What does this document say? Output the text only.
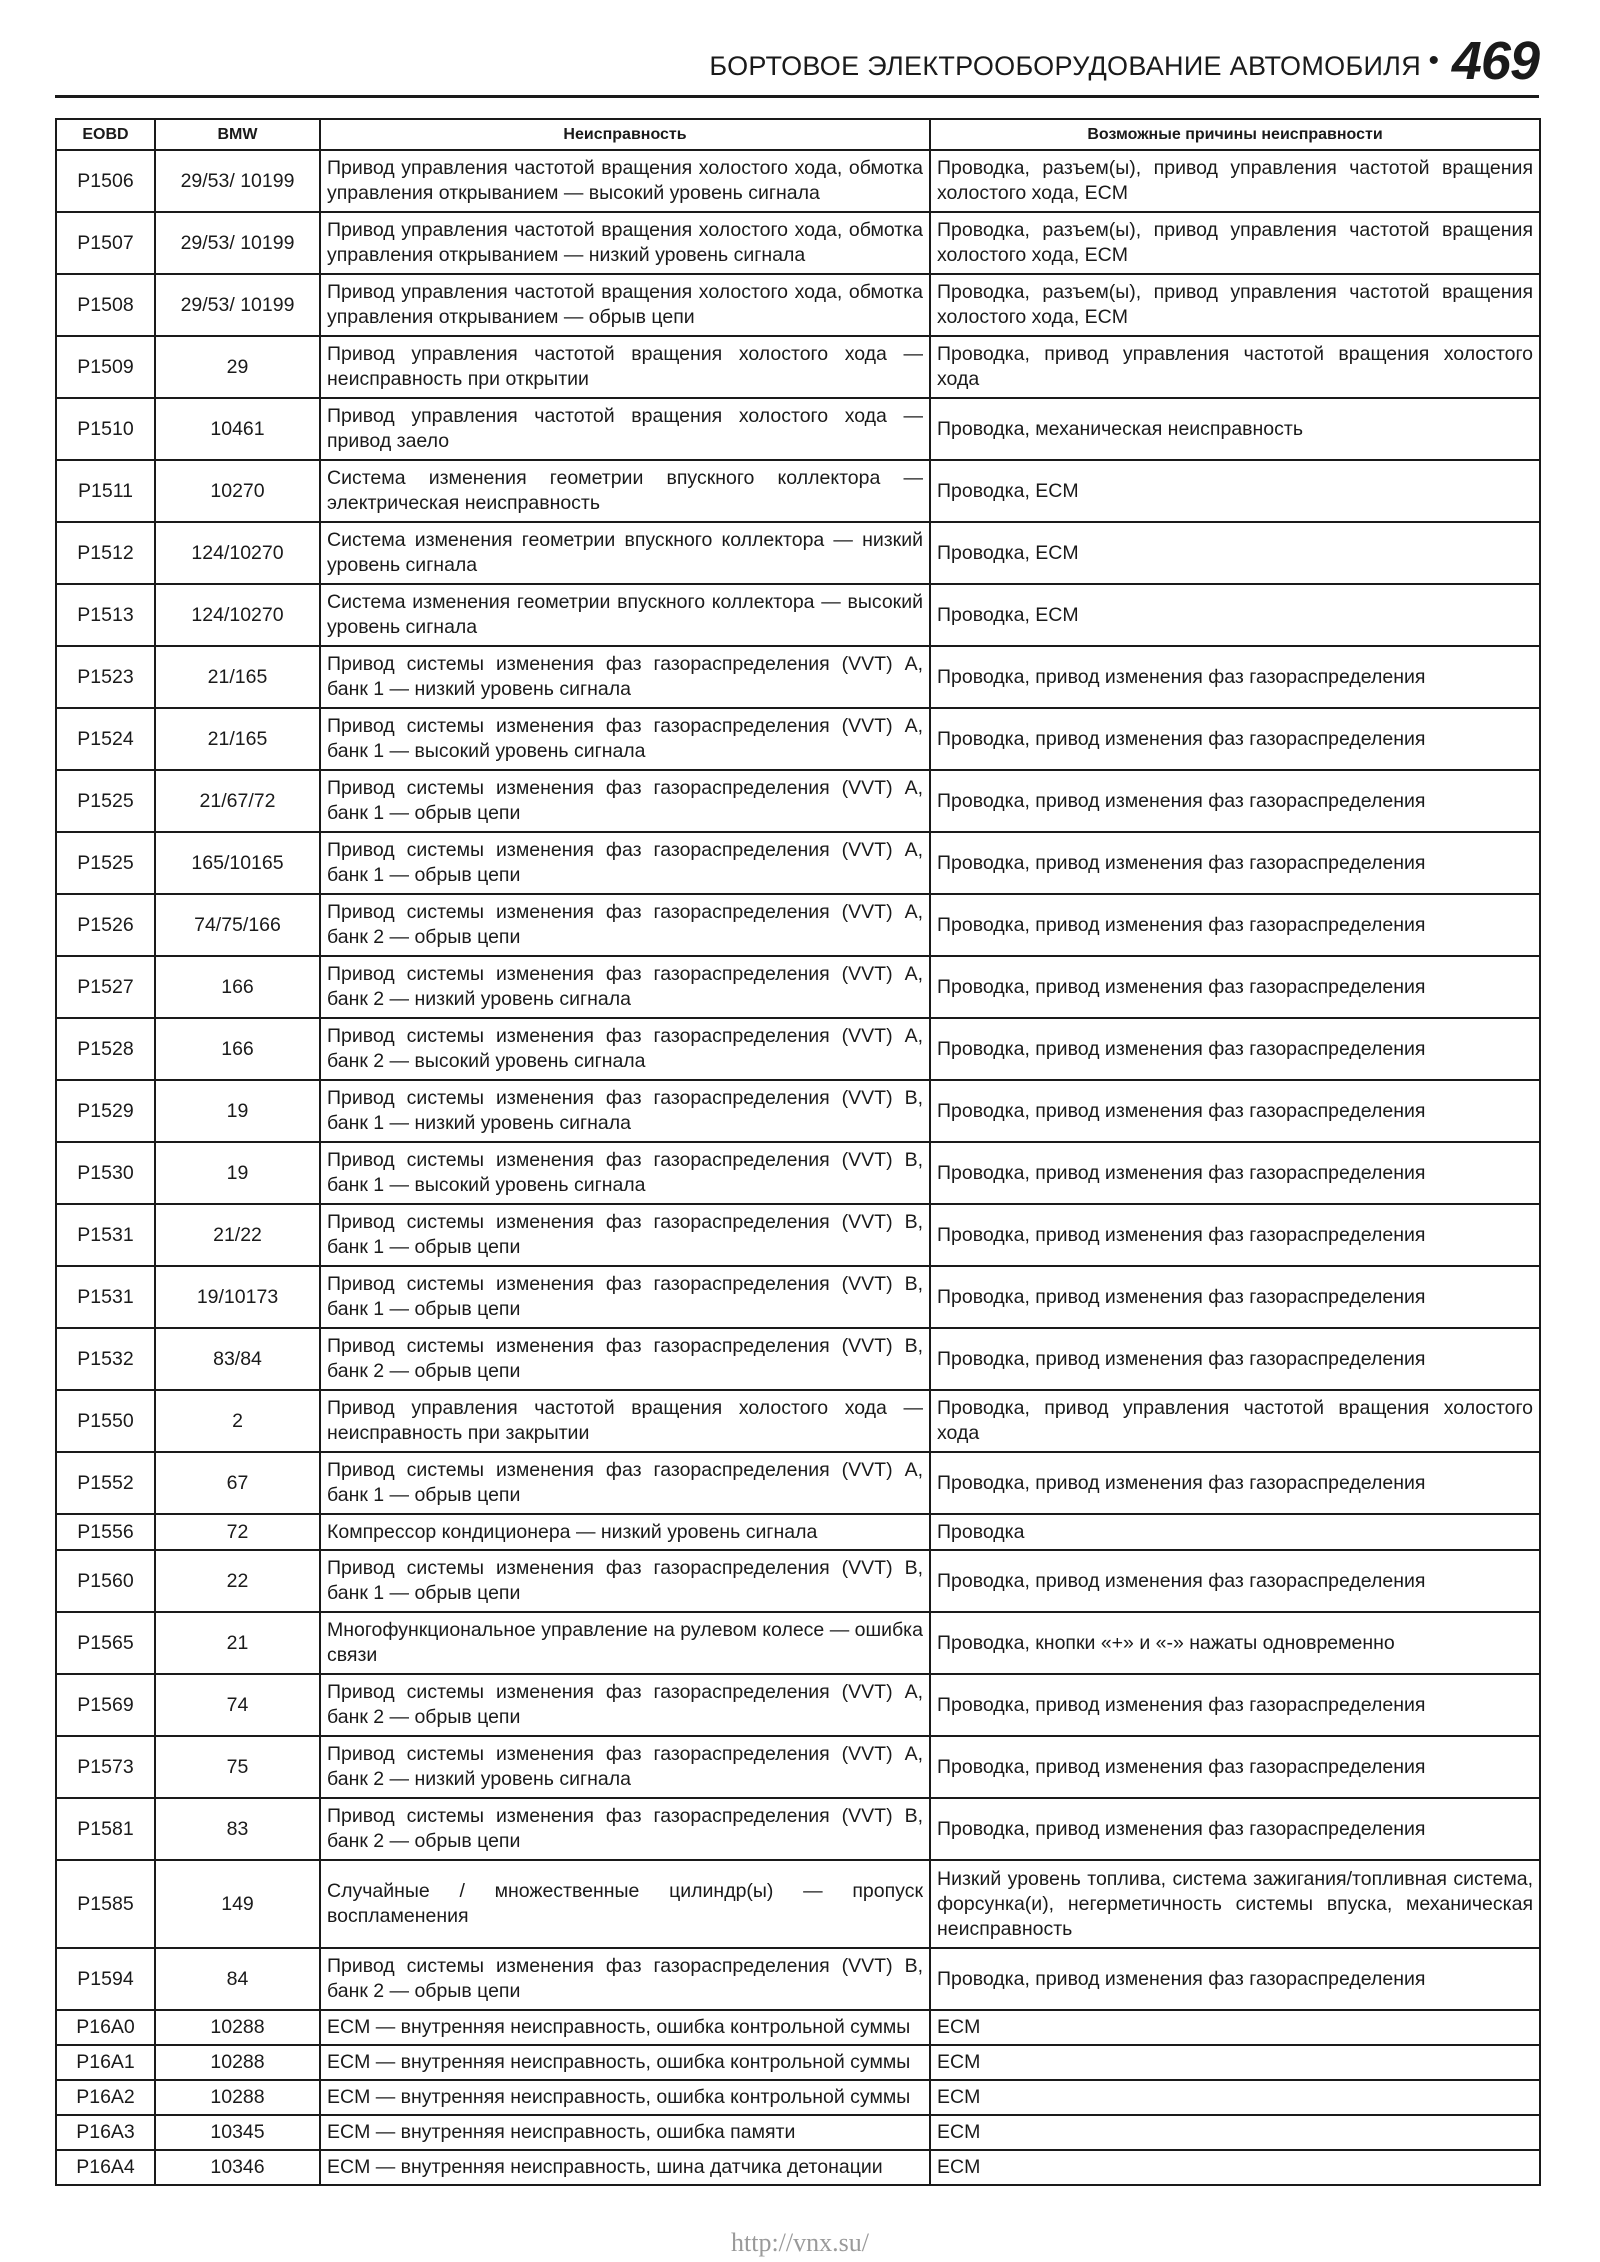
БОРТОВОЕ ЭЛЕКТРООБОРУДОВАНИЕ АВТОМОБИЛЯ • 469
EOBD	BMW	Неисправность	Возможные причины неисправности
P1506	29/53/ 10199	Привод управления частотой вращения холостого хода, обмотка управления открыванием — высокий уровень сигнала	Проводка, разъем(ы), привод управления частотой вращения холостого хода, ECM
P1507	29/53/ 10199	Привод управления частотой вращения холостого хода, обмотка управления открыванием — низкий уровень сигнала	Проводка, разъем(ы), привод управления частотой вращения холостого хода, ECM
P1508	29/53/ 10199	Привод управления частотой вращения холостого хода, обмотка управления открыванием — обрыв цепи	Проводка, разъем(ы), привод управления частотой вращения холостого хода, ECM
P1509	29	Привод управления частотой вращения холостого хода — неисправность при открытии	Проводка, привод управления частотой вращения холостого хода
P1510	10461	Привод управления частотой вращения холостого хода — привод заело	Проводка, механическая неисправность
P1511	10270	Система изменения геометрии впускного коллектора — электрическая неисправность	Проводка, ECM
P1512	124/10270	Система изменения геометрии впускного коллектора — низкий уровень сигнала	Проводка, ECM
P1513	124/10270	Система изменения геометрии впускного коллектора — высокий уровень сигнала	Проводка, ECM
P1523	21/165	Привод системы изменения фаз газораспределения (VVT) A, банк 1 — низкий уровень сигнала	Проводка, привод изменения фаз газораспределения
P1524	21/165	Привод системы изменения фаз газораспределения (VVT) A, банк 1 — высокий уровень сигнала	Проводка, привод изменения фаз газораспределения
P1525	21/67/72	Привод системы изменения фаз газораспределения (VVT) A, банк 1 — обрыв цепи	Проводка, привод изменения фаз газораспределения
P1525	165/10165	Привод системы изменения фаз газораспределения (VVT) A, банк 1 — обрыв цепи	Проводка, привод изменения фаз газораспределения
P1526	74/75/166	Привод системы изменения фаз газораспределения (VVT) A, банк 2 — обрыв цепи	Проводка, привод изменения фаз газораспределения
P1527	166	Привод системы изменения фаз газораспределения (VVT) A, банк 2 — низкий уровень сигнала	Проводка, привод изменения фаз газораспределения
P1528	166	Привод системы изменения фаз газораспределения (VVT) A, банк 2 — высокий уровень сигнала	Проводка, привод изменения фаз газораспределения
P1529	19	Привод системы изменения фаз газораспределения (VVT) B, банк 1 — низкий уровень сигнала	Проводка, привод изменения фаз газораспределения
P1530	19	Привод системы изменения фаз газораспределения (VVT) B, банк 1 — высокий уровень сигнала	Проводка, привод изменения фаз газораспределения
P1531	21/22	Привод системы изменения фаз газораспределения (VVT) B, банк 1 — обрыв цепи	Проводка, привод изменения фаз газораспределения
P1531	19/10173	Привод системы изменения фаз газораспределения (VVT) B, банк 1 — обрыв цепи	Проводка, привод изменения фаз газораспределения
P1532	83/84	Привод системы изменения фаз газораспределения (VVT) B, банк 2 — обрыв цепи	Проводка, привод изменения фаз газораспределения
P1550	2	Привод управления частотой вращения холостого хода — неисправность при закрытии	Проводка, привод управления частотой вращения холостого хода
P1552	67	Привод системы изменения фаз газораспределения (VVT) A, банк 1 — обрыв цепи	Проводка, привод изменения фаз газораспределения
P1556	72	Компрессор кондиционера — низкий уровень сигнала	Проводка
P1560	22	Привод системы изменения фаз газораспределения (VVT) B, банк 1 — обрыв цепи	Проводка, привод изменения фаз газораспределения
P1565	21	Многофункциональное управление на рулевом колесе — ошибка связи	Проводка, кнопки «+» и «-» нажаты одновременно
P1569	74	Привод системы изменения фаз газораспределения (VVT) A, банк 2 — обрыв цепи	Проводка, привод изменения фаз газораспределения
P1573	75	Привод системы изменения фаз газораспределения (VVT) A, банк 2 — низкий уровень сигнала	Проводка, привод изменения фаз газораспределения
P1581	83	Привод системы изменения фаз газораспределения (VVT) B, банк 2 — обрыв цепи	Проводка, привод изменения фаз газораспределения
P1585	149	Случайные / множественные цилиндр(ы) — пропуск воспламенения	Низкий уровень топлива, система зажигания/топливная система, форсунка(и), негерметичность системы впуска, механическая неисправность
P1594	84	Привод системы изменения фаз газораспределения (VVT) B, банк 2 — обрыв цепи	Проводка, привод изменения фаз газораспределения
P16A0	10288	ECM — внутренняя неисправность, ошибка контрольной суммы	ECM
P16A1	10288	ECM — внутренняя неисправность, ошибка контрольной суммы	ECM
P16A2	10288	ECM — внутренняя неисправность, ошибка контрольной суммы	ECM
P16A3	10345	ECM — внутренняя неисправность, ошибка памяти	ECM
P16A4	10346	ECM — внутренняя неисправность, шина датчика детонации	ECM
http://vnx.su/
